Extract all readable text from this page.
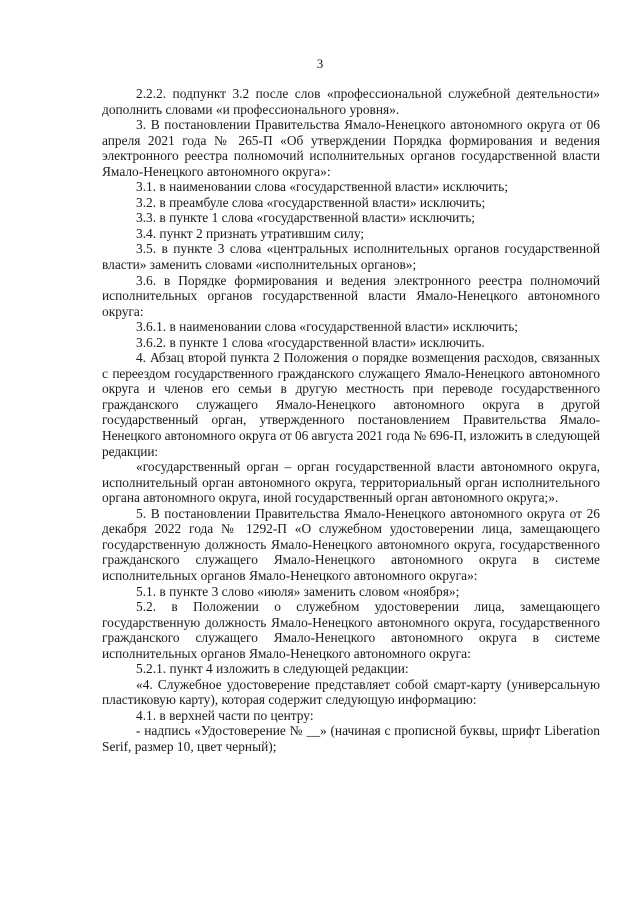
3

2.2.2. подпункт 3.2 после слов «профессиональной служебной деятельности» дополнить словами «и профессионального уровня».

3. В постановлении Правительства Ямало-Ненецкого автономного округа от 06 апреля 2021 года № 265-П «Об утверждении Порядка формирования и ведения электронного реестра полномочий исполнительных органов государственной власти Ямало-Ненецкого автономного округа»:

3.1. в наименовании слова «государственной власти» исключить;

3.2. в преамбуле слова «государственной власти» исключить;

3.3. в пункте 1 слова «государственной власти» исключить;

3.4. пункт 2 признать утратившим силу;

3.5. в пункте 3 слова «центральных исполнительных органов государственной власти» заменить словами «исполнительных органов»;

3.6. в Порядке формирования и ведения электронного реестра полномочий исполнительных органов государственной власти Ямало-Ненецкого автономного округа:

3.6.1. в наименовании слова «государственной власти» исключить;

3.6.2. в пункте 1 слова «государственной власти» исключить.

4. Абзац второй пункта 2 Положения о порядке возмещения расходов, связанных с переездом государственного гражданского служащего Ямало-Ненецкого автономного округа и членов его семьи в другую местность при переводе государственного гражданского служащего Ямало-Ненецкого автономного округа в другой государственный орган, утвержденного постановлением Правительства Ямало-Ненецкого автономного округа от 06 августа 2021 года № 696-П, изложить в следующей редакции:

«государственный орган – орган государственной власти автономного округа, исполнительный орган автономного округа, территориальный орган исполнительного органа автономного округа, иной государственный орган автономного округа;».

5. В постановлении Правительства Ямало-Ненецкого автономного округа от 26 декабря 2022 года № 1292-П «О служебном удостоверении лица, замещающего государственную должность Ямало-Ненецкого автономного округа, государственного гражданского служащего Ямало-Ненецкого автономного округа в системе исполнительных органов Ямало-Ненецкого автономного округа»:

5.1. в пункте 3 слово «июля» заменить словом «ноября»;

5.2. в Положении о служебном удостоверении лица, замещающего государственную должность Ямало-Ненецкого автономного округа, государственного гражданского служащего Ямало-Ненецкого автономного округа в системе исполнительных органов Ямало-Ненецкого автономного округа:

5.2.1. пункт 4 изложить в следующей редакции:

«4. Служебное удостоверение представляет собой смарт-карту (универсальную пластиковую карту), которая содержит следующую информацию:

4.1. в верхней части по центру:

- надпись «Удостоверение № __» (начиная с прописной буквы, шрифт Liberation Serif, размер 10, цвет черный);
